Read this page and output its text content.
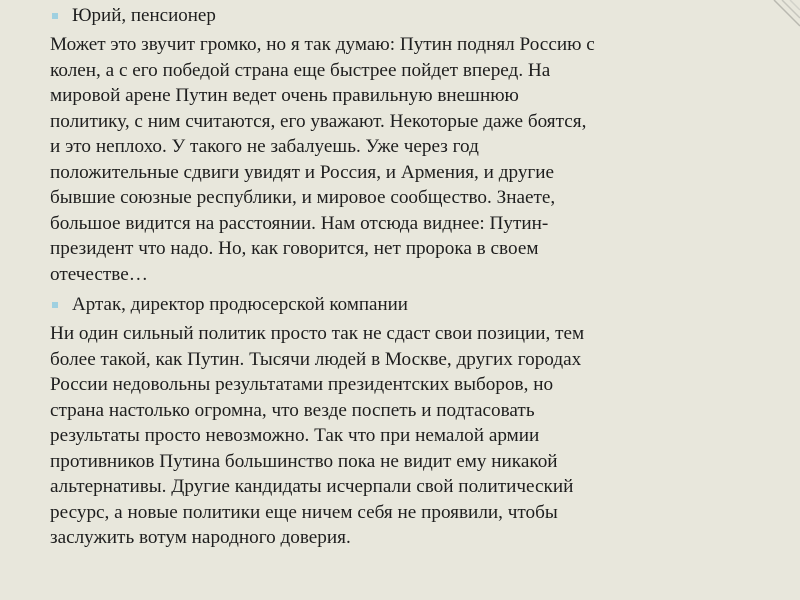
Юрий, пенсионер
Может это звучит громко, но я так думаю: Путин поднял Россию с
колен, а с его победой страна еще быстрее пойдет вперед. На
мировой арене Путин ведет очень правильную внешнюю
политику, с ним считаются, его уважают. Некоторые даже боятся,
и это неплохо. У такого не забалуешь. Уже через год
положительные сдвиги увидят и Россия, и Армения, и другие
бывшие союзные республики, и мировое сообщество. Знаете,
большое видится на расстоянии. Нам отсюда виднее: Путин-
президент что надо. Но, как говорится, нет пророка в своем
отечестве…
Артак, директор продюсерской компании
Ни один сильный политик просто так не сдаст свои позиции, тем
более такой, как Путин. Тысячи людей в Москве, других городах
России недовольны результатами президентских выборов, но
страна настолько огромна, что везде поспеть и подтасовать
результаты просто невозможно. Так что при немалой армии
противников Путина большинство пока не видит ему никакой
альтернативы. Другие кандидаты исчерпали свой политический
ресурс, а новые политики еще ничем себя не проявили, чтобы
заслужить вотум народного доверия.
